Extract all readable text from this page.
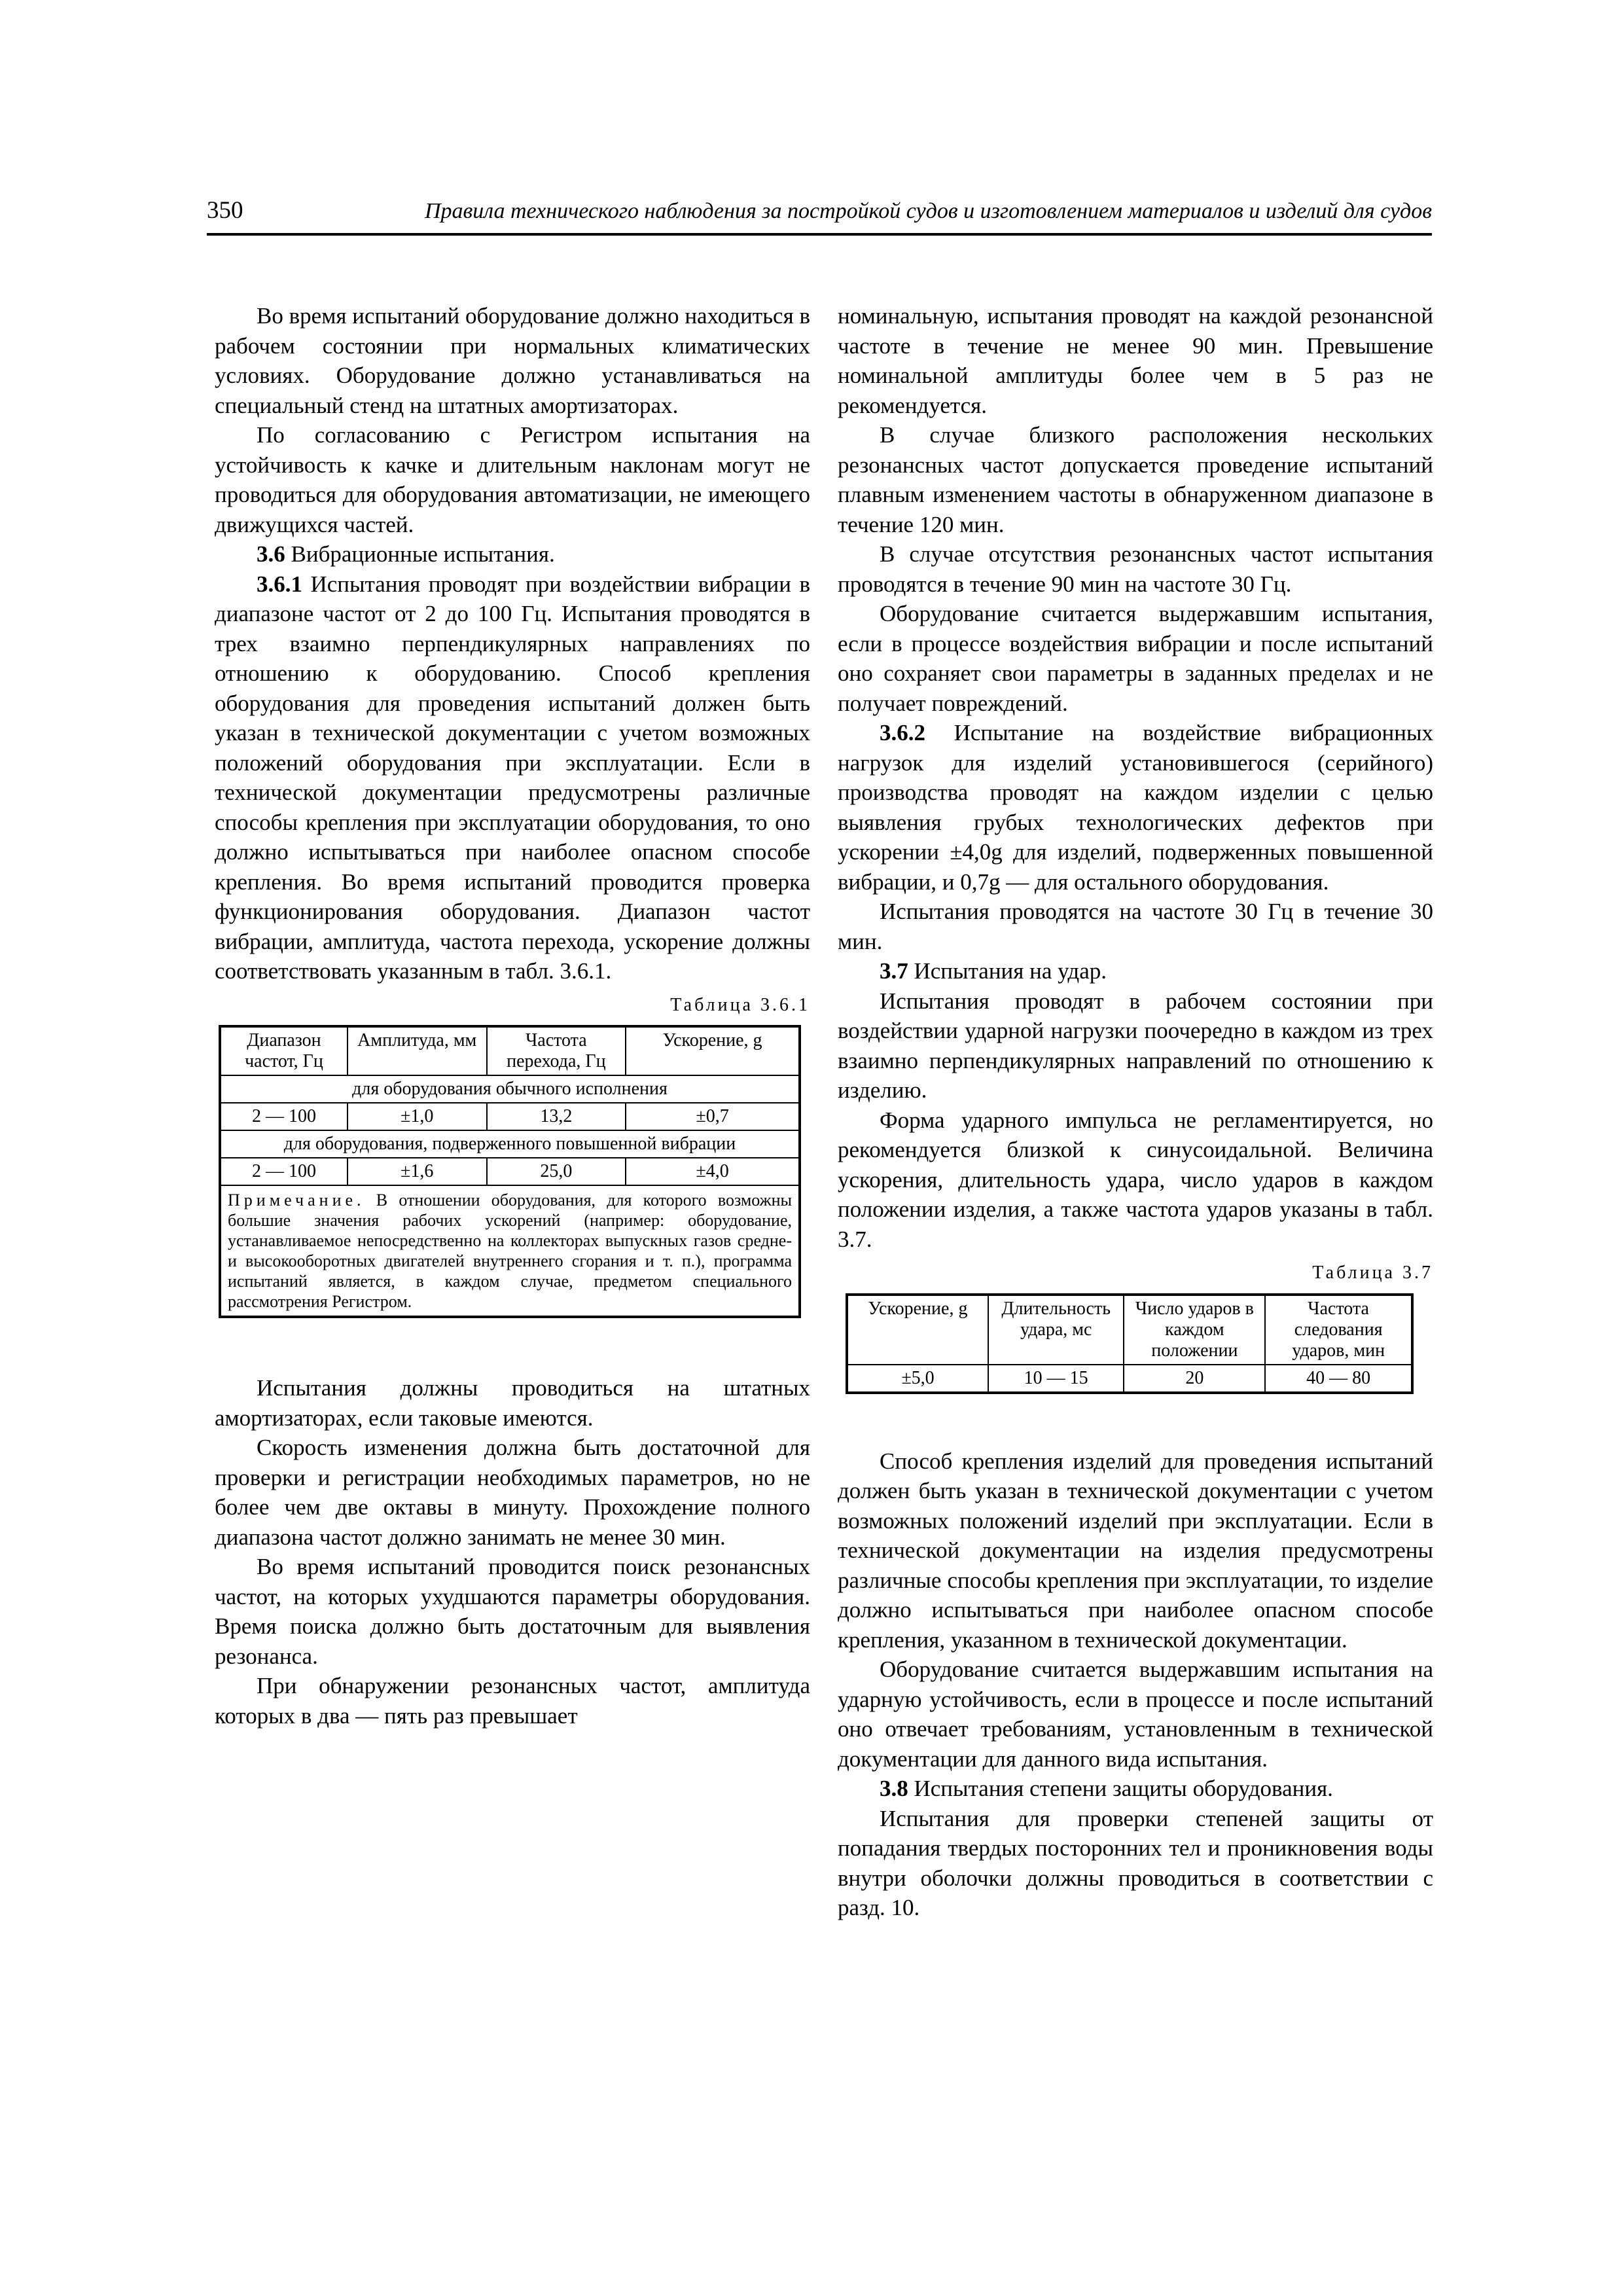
350	Правила технического наблюдения за постройкой судов и изготовлением материалов и изделий для судов

Во время испытаний оборудование должно находиться в рабочем состоянии при нормальных климатических условиях. Оборудование должно устанавливаться на специальный стенд на штатных амортизаторах.

По согласованию с Регистром испытания на устойчивость к качке и длительным наклонам могут не проводиться для оборудования автоматизации, не имеющего движущихся частей.

3.6 Вибрационные испытания.

3.6.1 Испытания проводят при воздействии вибрации в диапазоне частот от 2 до 100 Гц. Испытания проводятся в трех взаимно перпендикулярных направлениях по отношению к оборудованию. Способ крепления оборудования для проведения испытаний должен быть указан в технической документации с учетом возможных положений оборудования при эксплуатации. Если в технической документации предусмотрены различные способы крепления при эксплуатации оборудования, то оно должно испытываться при наиболее опасном способе крепления. Во время испытаний проводится проверка функционирования оборудования. Диапазон частот вибрации, амплитуда, частота перехода, ускорение должны соответствовать указанным в табл. 3.6.1.

Таблица 3.6.1
Диапазон частот, Гц	Амплитуда, мм	Частота перехода, Гц	Ускорение, g
для оборудования обычного исполнения			
2 — 100	±1,0	13,2	±0,7
для оборудования, подверженного повышенной вибрации			
2 — 100	±1,6	25,0	±4,0
Примечание. В отношении оборудования, для которого возможны большие значения рабочих ускорений (например: оборудование, устанавливаемое непосредственно на коллекторах выпускных газов средне- и высокооборотных двигателей внутреннего сгорания и т. п.), программа испытаний является, в каждом случае, предметом специального рассмотрения Регистром.			

Испытания должны проводиться на штатных амортизаторах, если таковые имеются.

Скорость изменения должна быть достаточной для проверки и регистрации необходимых параметров, но не более чем две октавы в минуту. Прохождение полного диапазона частот должно занимать не менее 30 мин.

Во время испытаний проводится поиск резонансных частот, на которых ухудшаются параметры оборудования. Время поиска должно быть достаточным для выявления резонанса.

При обнаружении резонансных частот, амплитуда которых в два — пять раз превышает

номинальную, испытания проводят на каждой резонансной частоте в течение не менее 90 мин. Превышение номинальной амплитуды более чем в 5 раз не рекомендуется.

В случае близкого расположения нескольких резонансных частот допускается проведение испытаний плавным изменением частоты в обнаруженном диапазоне в течение 120 мин.

В случае отсутствия резонансных частот испытания проводятся в течение 90 мин на частоте 30 Гц.

Оборудование считается выдержавшим испытания, если в процессе воздействия вибрации и после испытаний оно сохраняет свои параметры в заданных пределах и не получает повреждений.

3.6.2 Испытание на воздействие вибрационных нагрузок для изделий установившегося (серийного) производства проводят на каждом изделии с целью выявления грубых технологических дефектов при ускорении ±4,0g для изделий, подверженных повышенной вибрации, и 0,7g — для остального оборудования.

Испытания проводятся на частоте 30 Гц в течение 30 мин.

3.7 Испытания на удар.

Испытания проводят в рабочем состоянии при воздействии ударной нагрузки поочередно в каждом из трех взаимно перпендикулярных направлений по отношению к изделию.

Форма ударного импульса не регламентируется, но рекомендуется близкой к синусоидальной. Величина ускорения, длительность удара, число ударов в каждом положении изделия, а также частота ударов указаны в табл. 3.7.

Таблица 3.7
Ускорение, g	Длительность удара, мс	Число ударов в каждом положении	Частота следования ударов, мин
±5,0	10 — 15	20	40 — 80

Способ крепления изделий для проведения испытаний должен быть указан в технической документации с учетом возможных положений изделий при эксплуатации. Если в технической документации на изделия предусмотрены различные способы крепления при эксплуатации, то изделие должно испытываться при наиболее опасном способе крепления, указанном в технической документации.

Оборудование считается выдержавшим испытания на ударную устойчивость, если в процессе и после испытаний оно отвечает требованиям, установленным в технической документации для данного вида испытания.

3.8 Испытания степени защиты оборудования.

Испытания для проверки степеней защиты от попадания твердых посторонних тел и проникновения воды внутри оболочки должны проводиться в соответствии с разд. 10.
